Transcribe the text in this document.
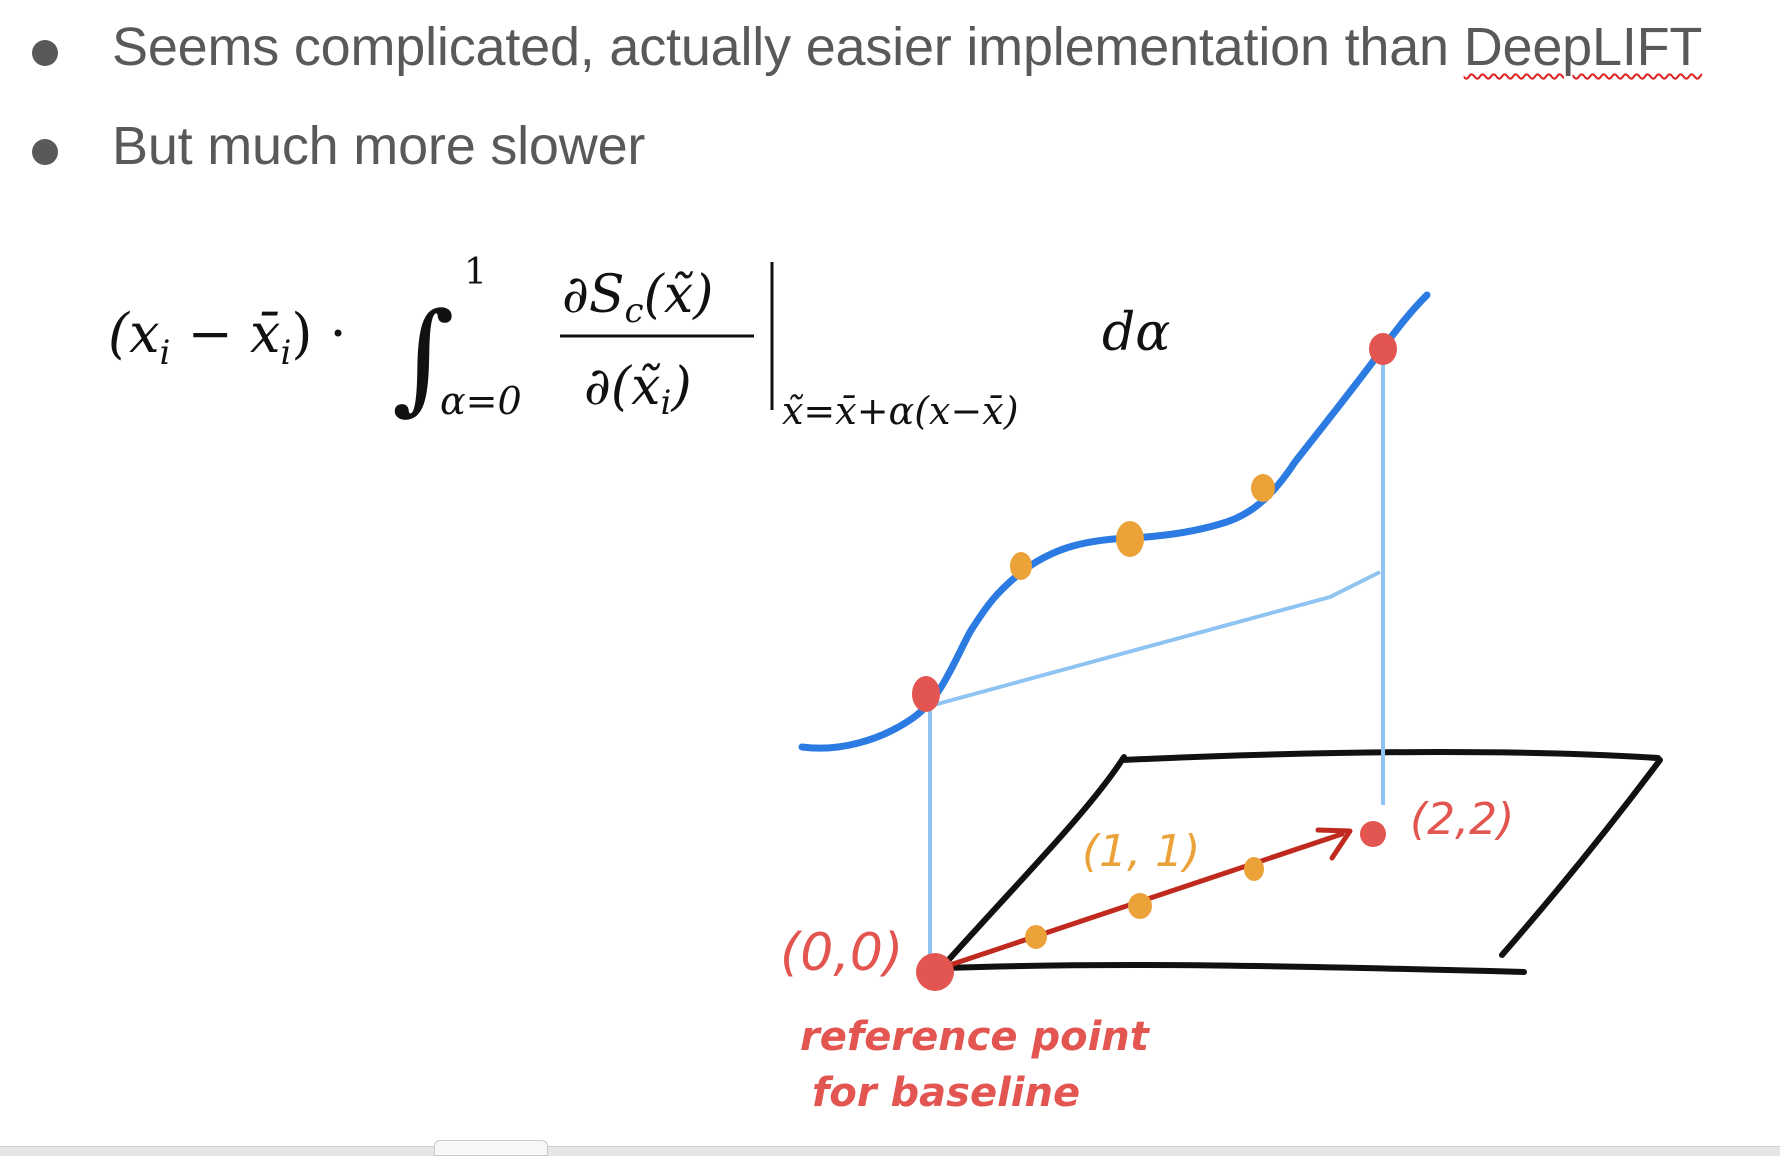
Seems complicated, actually easier implementation than DeepLIFT
But much more slower
($x_i$ − $x̄_i$) · ∫
1
α=0
∂Sc(x̃)
∂(x̃i) x̃=x̄+α(x−x̄)
dα
(0,0)
(1, 1)
(2,2)
reference point
for baseline
